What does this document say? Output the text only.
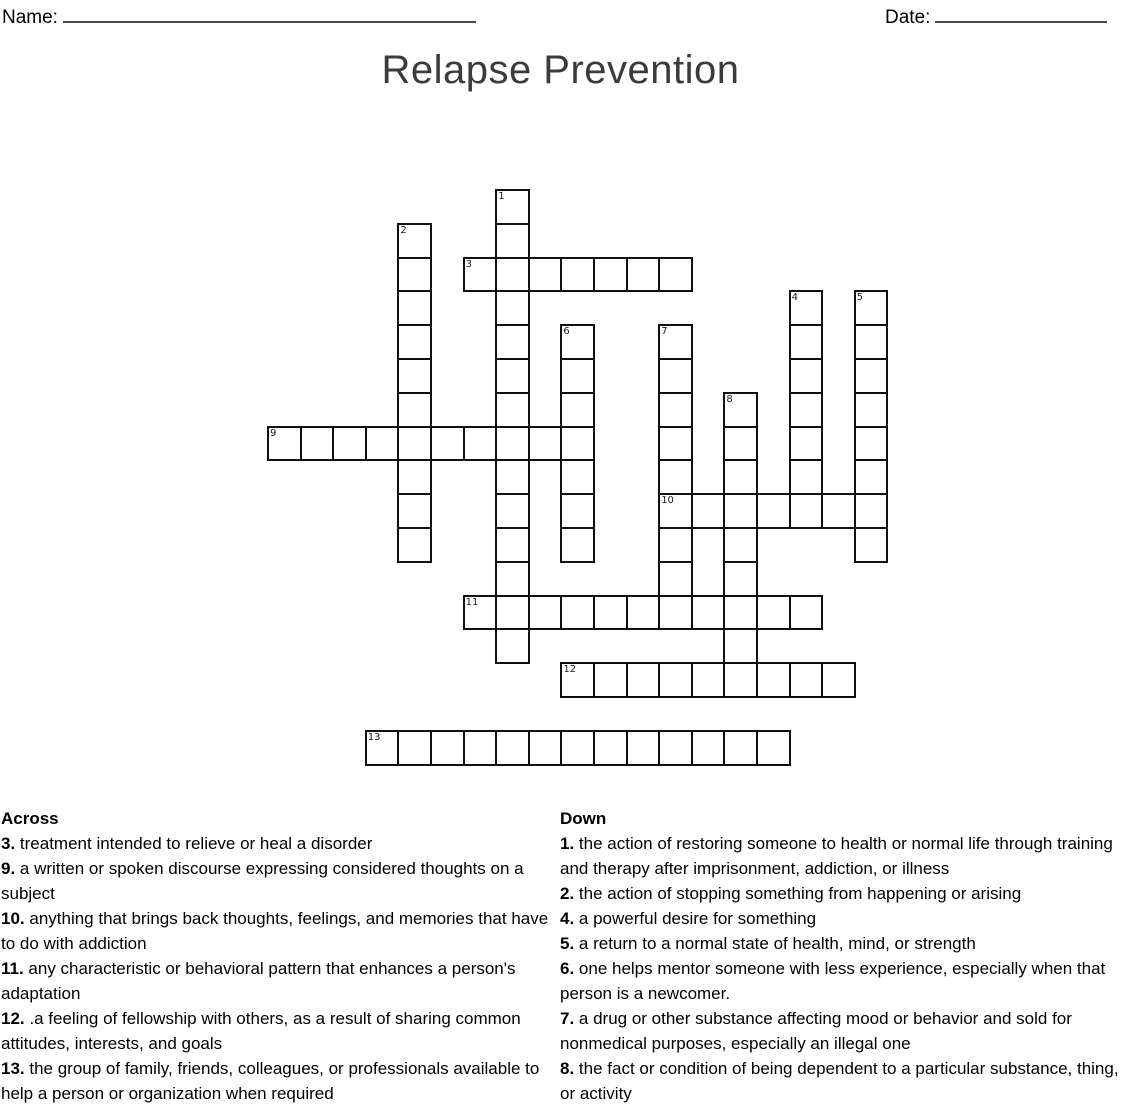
Name:	Date:
Relapse Prevention
1
2
3
4	5
6	7
8
9
10
11
12
13
Across
3. treatment intended to relieve or heal a disorder
9. a written or spoken discourse expressing considered thoughts on a subject
10. anything that brings back thoughts, feelings, and memories that have to do with addiction
11. any characteristic or behavioral pattern that enhances a person's adaptation
12. .a feeling of fellowship with others, as a result of sharing common attitudes, interests, and goals
13. the group of family, friends, colleagues, or professionals available to help a person or organization when required
Down
1. the action of restoring someone to health or normal life through training and therapy after imprisonment, addiction, or illness
2. the action of stopping something from happening or arising
4. a powerful desire for something
5. a return to a normal state of health, mind, or strength
6. one helps mentor someone with less experience, especially when that person is a newcomer.
7. a drug or other substance affecting mood or behavior and sold for nonmedical purposes, especially an illegal one
8. the fact or condition of being dependent to a particular substance, thing, or activity
